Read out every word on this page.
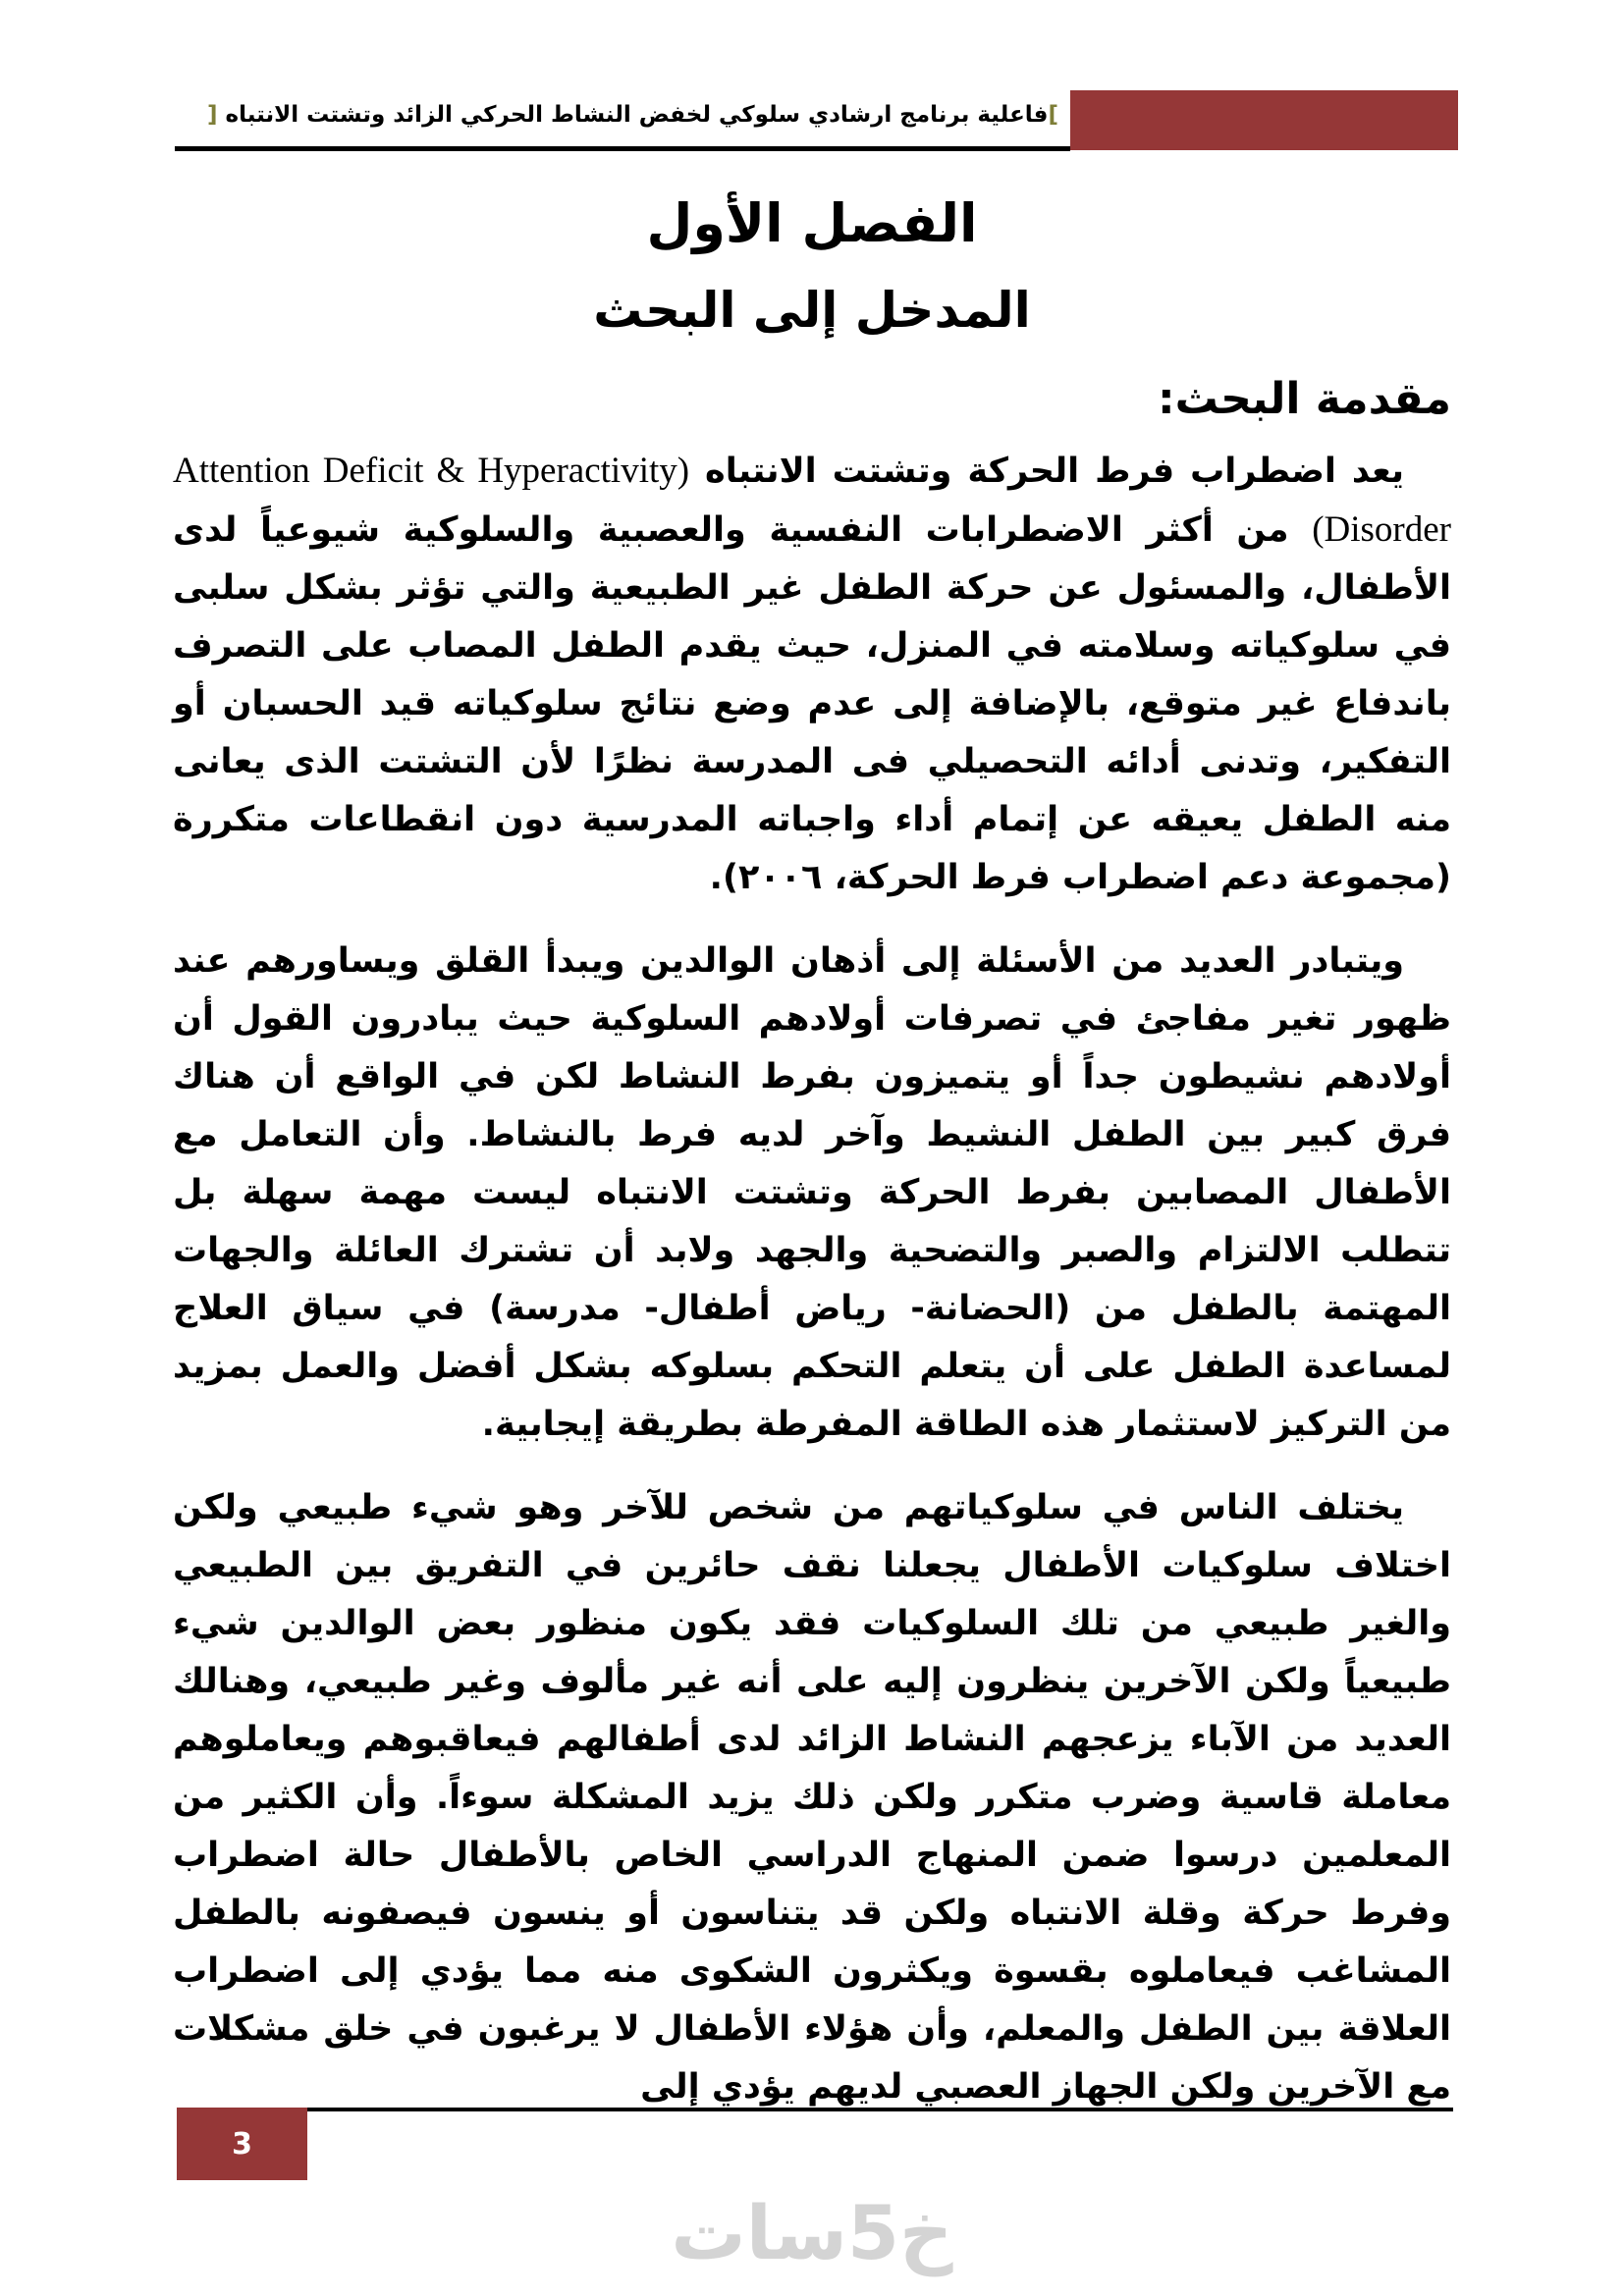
[فاعلية برنامج ارشادي سلوكي لخفض النشاط الحركي الزائد وتشتت الانتباه ]
الفصل الأول
المدخل إلى البحث
مقدمة البحث:

يعد اضطراب فرط الحركة وتشتت الانتباه (Attention Deficit & Hyperactivity Disorder) من أكثر الاضطرابات النفسية والعصبية والسلوكية شيوعياً لدى الأطفال، والمسئول عن حركة الطفل غير الطبيعية والتي تؤثر بشكل سلبى في سلوكياته وسلامته في المنزل، حيث يقدم الطفل المصاب على التصرف باندفاع غير متوقع، بالإضافة إلى عدم وضع نتائج سلوكياته قيد الحسبان أو التفكير، وتدنى أدائه التحصيلي فى المدرسة نظرًا لأن التشتت الذى يعانى منه الطفل يعيقه عن إتمام أداء واجباته المدرسية دون انقطاعات متكررة (مجموعة دعم اضطراب فرط الحركة، ٢٠٠٦).

ويتبادر العديد من الأسئلة إلى أذهان الوالدين ويبدأ القلق ويساورهم عند ظهور تغير مفاجئ في تصرفات أولادهم السلوكية حيث يبادرون القول أن أولادهم نشيطون جداً أو يتميزون بفرط النشاط لكن في الواقع أن هناك فرق كبير بين الطفل النشيط وآخر لديه فرط بالنشاط. وأن التعامل مع الأطفال المصابين بفرط الحركة وتشتت الانتباه ليست مهمة سهلة بل تتطلب الالتزام والصبر والتضحية والجهد ولابد أن تشترك العائلة والجهات المهتمة بالطفل من (الحضانة- رياض أطفال- مدرسة) في سياق العلاج لمساعدة الطفل على أن يتعلم التحكم بسلوكه بشكل أفضل والعمل بمزيد من التركيز لاستثمار هذه الطاقة المفرطة بطريقة إيجابية.

يختلف الناس في سلوكياتهم من شخص للآخر وهو شيء طبيعي ولكن اختلاف سلوكيات الأطفال يجعلنا نقف حائرين في التفريق بين الطبيعي والغير طبيعي من تلك السلوكيات فقد يكون منظور بعض الوالدين شيء طبيعياً ولكن الآخرين ينظرون إليه على أنه غير مألوف وغير طبيعي، وهنالك العديد من الآباء يزعجهم النشاط الزائد لدى أطفالهم فيعاقبوهم ويعاملوهم معاملة قاسية وضرب متكرر ولكن ذلك يزيد المشكلة سوءاً. وأن الكثير من المعلمين درسوا ضمن المنهاج الدراسي الخاص بالأطفال حالة اضطراب وفرط حركة وقلة الانتباه ولكن قد يتناسون أو ينسون فيصفونه بالطفل المشاغب فيعاملوه بقسوة ويكثرون الشكوى منه مما يؤدي إلى اضطراب العلاقة بين الطفل والمعلم، وأن هؤلاء الأطفال لا يرغبون في خلق مشكلات مع الآخرين ولكن الجهاز العصبي لديهم يؤدي إلى

3
خ5سات
